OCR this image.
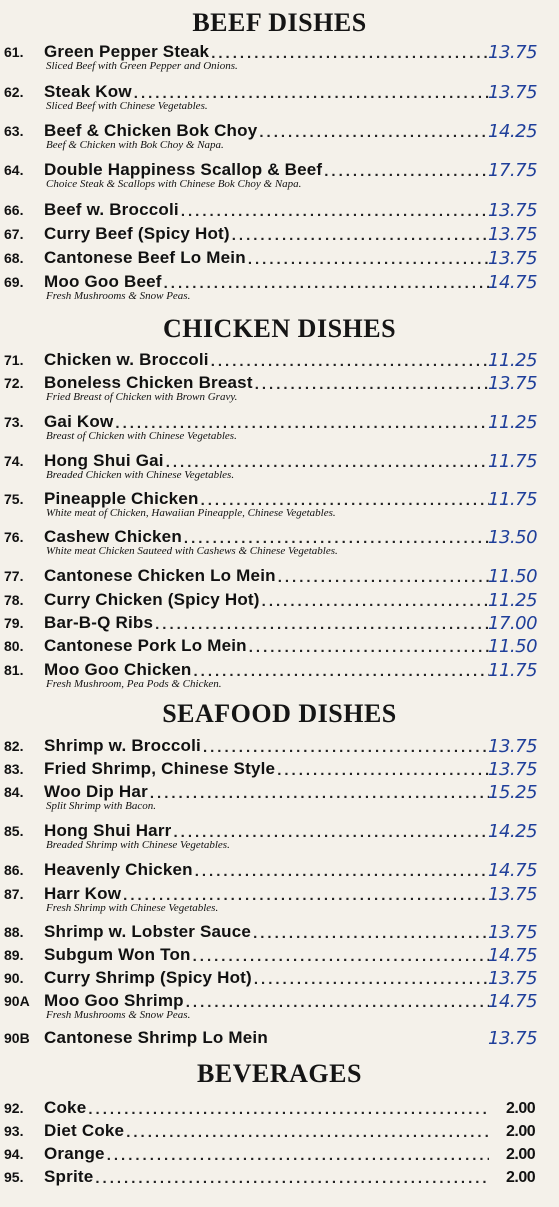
BEEF DISHES
61.	Green Pepper Steak .....	13.75
Sliced Beef with Green Pepper and Onions.
62.	Steak Kow .....	13.75
Sliced Beef with Chinese Vegetables.
63.	Beef & Chicken Bok Choy .....	14.25
Beef & Chicken with Bok Choy & Napa.
64.	Double Happiness Scallop & Beef .....	17.75
Choice Steak & Scallops with Chinese Bok Choy & Napa.
66.	Beef w. Broccoli .....	13.75
67.	Curry Beef (Spicy Hot) .....	13.75
68.	Cantonese Beef Lo Mein .....	13.75
69.	Moo Goo Beef .....	14.75
Fresh Mushrooms & Snow Peas.
CHICKEN DISHES
71.	Chicken w. Broccoli .....	11.25
72.	Boneless Chicken Breast .....	13.75
Fried Breast of Chicken with Brown Gravy.
73.	Gai Kow .....	11.25
Breast of Chicken with Chinese Vegetables.
74.	Hong Shui Gai .....	11.75
Breaded Chicken with Chinese Vegetables.
75.	Pineapple Chicken .....	11.75
White meat of Chicken, Hawaiian Pineapple, Chinese Vegetables.
76.	Cashew Chicken .....	13.50
White meat Chicken Sauteed with Cashews & Chinese Vegetables.
77.	Cantonese Chicken Lo Mein .....	11.50
78.	Curry Chicken (Spicy Hot) .....	11.25
79.	Bar-B-Q Ribs .....	17.00
80.	Cantonese Pork Lo Mein .....	11.50
81.	Moo Goo Chicken .....	11.75
Fresh Mushroom, Pea Pods & Chicken.
SEAFOOD DISHES
82.	Shrimp w. Broccoli .....	13.75
83.	Fried Shrimp, Chinese Style .....	13.75
84.	Woo Dip Har .....	15.25
Split Shrimp with Bacon.
85.	Hong Shui Harr .....	14.25
Breaded Shrimp with Chinese Vegetables.
86.	Heavenly Chicken .....	14.75
87.	Harr Kow .....	13.75
Fresh Shrimp with Chinese Vegetables.
88.	Shrimp w. Lobster Sauce .....	13.75
89.	Subgum Won Ton .....	14.75
90.	Curry Shrimp (Spicy Hot) .....	13.75
90A Moo Goo Shrimp .....	14.75
Fresh Mushrooms & Snow Peas.
90B Cantonese Shrimp Lo Mein	13.75
BEVERAGES
92.	Coke .....	2.00
93.	Diet Coke .....	2.00
94.	Orange .....	2.00
95.	Sprite .....	2.00
